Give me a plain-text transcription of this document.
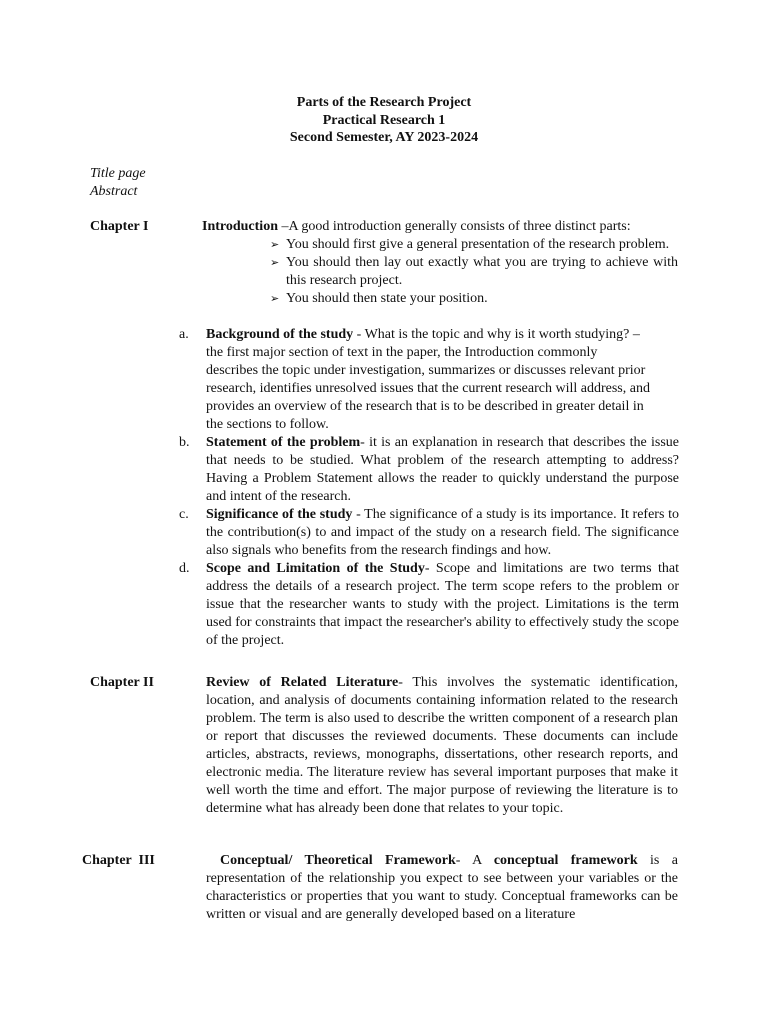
Parts of the Research Project
Practical Research 1
Second Semester, AY 2023-2024
Title page
Abstract
Chapter I	Introduction –A good introduction generally consists of three distinct parts:
➢ You should first give a general presentation of the research problem.
➢ You should then lay out exactly what you are trying to achieve with this research project.
➢ You should then state your position.
a. Background of the study - What is the topic and why is it worth studying? – the first major section of text in the paper, the Introduction commonly describes the topic under investigation, summarizes or discusses relevant prior research, identifies unresolved issues that the current research will address, and provides an overview of the research that is to be described in greater detail in the sections to follow.
b. Statement of the problem- it is an explanation in research that describes the issue that needs to be studied. What problem of the research attempting to address? Having a Problem Statement allows the reader to quickly understand the purpose and intent of the research.
c. Significance of the study - The significance of a study is its importance. It refers to the contribution(s) to and impact of the study on a research field. The significance also signals who benefits from the research findings and how.
d. Scope and Limitation of the Study- Scope and limitations are two terms that address the details of a research project. The term scope refers to the problem or issue that the researcher wants to study with the project. Limitations is the term used for constraints that impact the researcher's ability to effectively study the scope of the project.
Chapter II	Review of Related Literature- This involves the systematic identification, location, and analysis of documents containing information related to the research problem. The term is also used to describe the written component of a research plan or report that discusses the reviewed documents. These documents can include articles, abstracts, reviews, monographs, dissertations, other research reports, and electronic media. The literature review has several important purposes that make it well worth the time and effort. The major purpose of reviewing the literature is to determine what has already been done that relates to your topic.
Chapter  III	Conceptual/ Theoretical Framework- A conceptual framework is a representation of the relationship you expect to see between your variables or the characteristics or properties that you want to study. Conceptual frameworks can be written or visual and are generally developed based on a literature
